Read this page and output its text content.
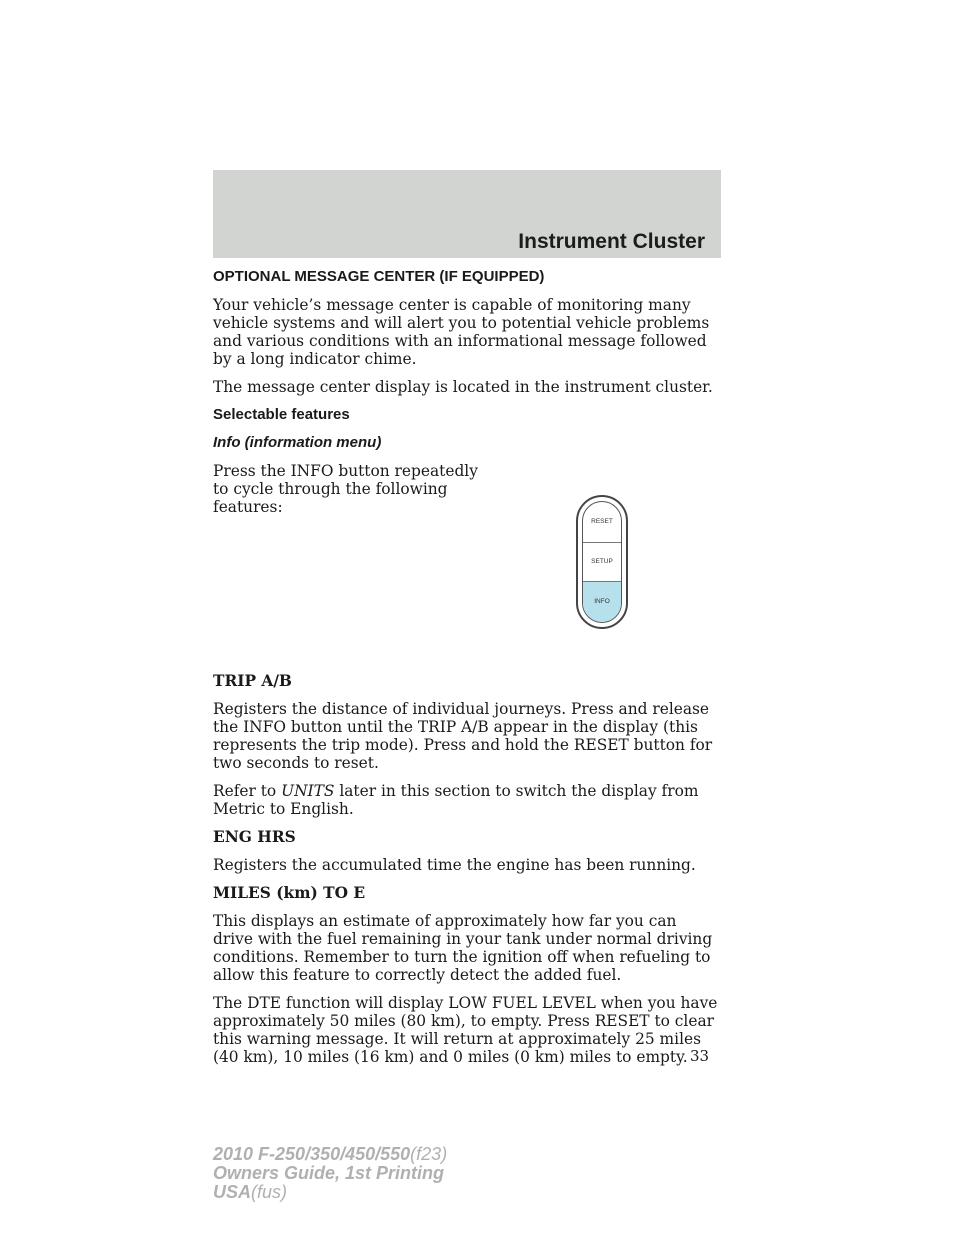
Instrument Cluster

OPTIONAL MESSAGE CENTER (IF EQUIPPED)

Your vehicle’s message center is capable of monitoring many vehicle systems and will alert you to potential vehicle problems and various conditions with an informational message followed by a long indicator chime.

The message center display is located in the instrument cluster.

Selectable features

Info (information menu)

Press the INFO button repeatedly to cycle through the following features:

RESET
SETUP
INFO

TRIP A/B

Registers the distance of individual journeys. Press and release the INFO button until the TRIP A/B appear in the display (this represents the trip mode). Press and hold the RESET button for two seconds to reset.

Refer to UNITS later in this section to switch the display from Metric to English.

ENG HRS

Registers the accumulated time the engine has been running.

MILES (km) TO E

This displays an estimate of approximately how far you can drive with the fuel remaining in your tank under normal driving conditions. Remember to turn the ignition off when refueling to allow this feature to correctly detect the added fuel.

The DTE function will display LOW FUEL LEVEL when you have approximately 50 miles (80 km), to empty. Press RESET to clear this warning message. It will return at approximately 25 miles (40 km), 10 miles (16 km) and 0 miles (0 km) miles to empty. 33
2010 F-250/350/450/550(f23)
Owners Guide, 1st Printing
USA(fus)
